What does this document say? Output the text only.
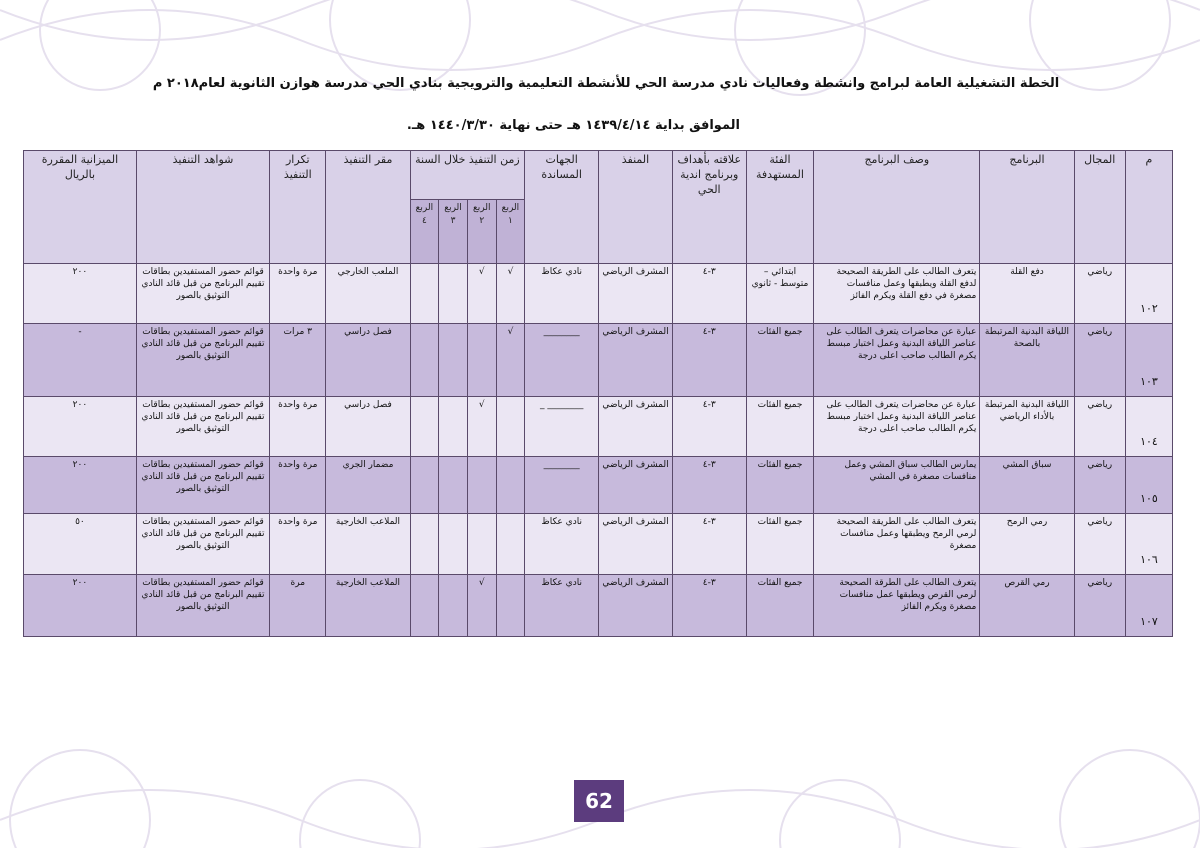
الخطة التشغيلية العامة لبرامج وانشطة وفعاليات نادي مدرسة الحي للأنشطة التعليمية والترويجية بنادي الحي مدرسة هوازن الثانوية لعام٢٠١٨ م
الموافق بداية ١٤٣٩/٤/١٤ هـ حتى نهاية ١٤٤٠/٣/٣٠ هـ.
م	المجال	البرنامج	وصف البرنامج	الفئة المستهدفة	علاقته بأهداف وبرنامج اندية الحي	المنفذ	الجهات المساندة	زمن التنفيذ خلال السنة				مقر التنفيذ	تكرار التنفيذ	شواهد التنفيذ	الميزانية المقررة بالريال
								الربع ١	الربع ٢	الربع ٣	الربع ٤				
١٠٢	رياضي	دفع القلة	يتعرف الطالب على الطريقة الصحيحة لدفع القلة ويطبقها وعمل منافسات مصغرة في دفع القلة ويكرم الفائز	ابتدائي – متوسط - ثانوي	٣-٤	المشرف الرياضي	نادي عكاظ	√	√			الملعب الخارجي	مرة واحدة	قوائم حضور المستفيدين بطاقات تقييم البرنامج من قبل قائد النادي التوثيق بالصور	٢٠٠
١٠٣	رياضي	اللياقة البدنية المرتبطة بالصحة	عبارة عن محاضرات يتعرف الطالب على عناصر اللياقة البدنية وعمل اختبار مبسط يكرم الطالب صاحب اعلى درجة	جميع الفئات	٣-٤	المشرف الرياضي	________	√				فصل دراسي	٣ مرات	قوائم حضور المستفيدين بطاقات تقييم البرنامج من قبل قائد النادي التوثيق بالصور	-
١٠٤	رياضي	اللياقة البدنية المرتبطة بالأداء الرياضي	عبارة عن محاضرات يتعرف الطالب على عناصر اللياقة البدنية وعمل اختبار مبسط يكرم الطالب صاحب اعلى درجة	جميع الفئات	٣-٤	المشرف الرياضي	________ _		√			فصل دراسي	مرة واحدة	قوائم حضور المستفيدين بطاقات تقييم البرنامج من قبل قائد النادي التوثيق بالصور	٢٠٠
١٠٥	رياضي	سباق المشي	يمارس الطالب سباق المشي وعمل منافسات مصغرة في المشي	جميع الفئات	٣-٤	المشرف الرياضي	________					مضمار الجري	مرة واحدة	قوائم حضور المستفيدين بطاقات تقييم البرنامج من قبل قائد النادي التوثيق بالصور	٢٠٠
١٠٦	رياضي	رمي الرمح	يتعرف الطالب على الطريقة الصحيحة لرمي الرمح ويطبقها وعمل منافسات مصغرة	جميع الفئات	٣-٤	المشرف الرياضي	نادي عكاظ					الملاعب الخارجية	مرة واحدة	قوائم حضور المستفيدين بطاقات تقييم البرنامج من قبل قائد النادي التوثيق بالصور	٥٠
١٠٧	رياضي	رمي القرص	يتعرف الطالب على الطرقة الصحيحة لرمي القرص ويطبقها عمل منافسات مصغرة ويكرم الفائز	جميع الفئات	٣-٤	المشرف الرياضي	نادي عكاظ		√			الملاعب الخارجية	مرة	قوائم حضور المستفيدين بطاقات تقييم البرنامج من قبل قائد النادي التوثيق بالصور	٢٠٠
62
